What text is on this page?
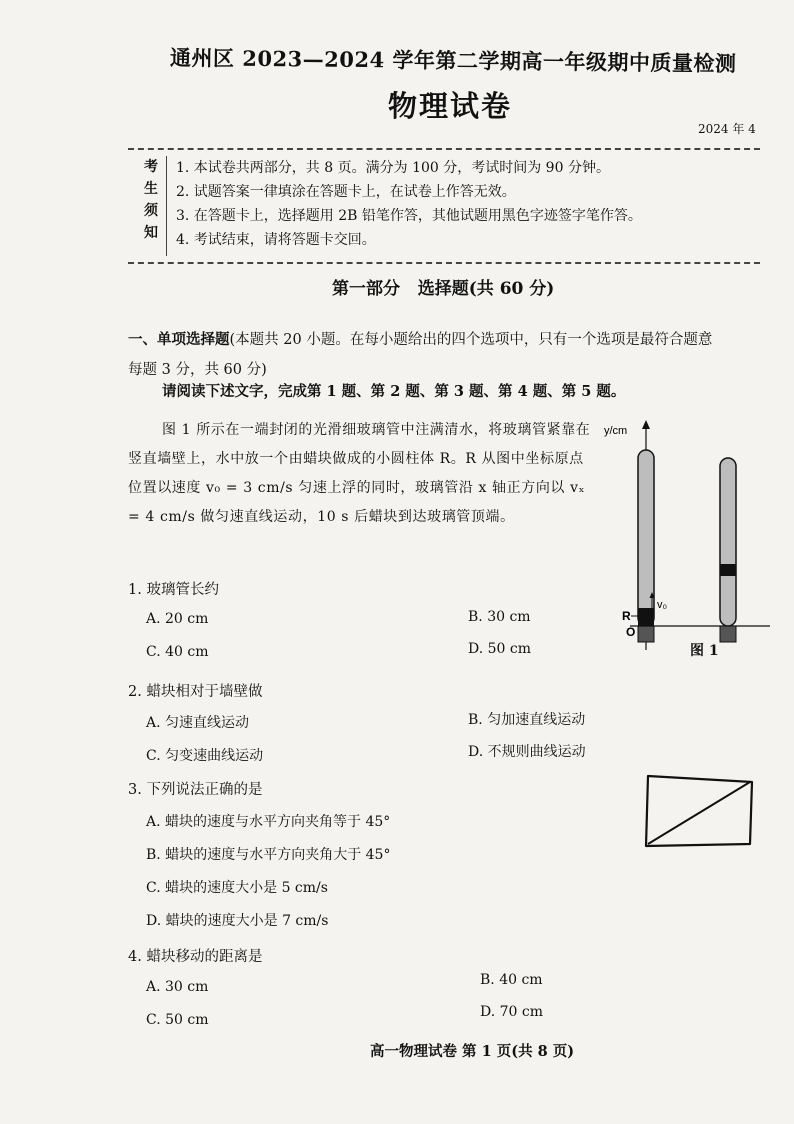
通州区 2023—2024 学年第二学期高一年级期中质量检测
物理试卷
2024 年 4
考
生
须
知
1. 本试卷共两部分，共 8 页。满分为 100 分，考试时间为 90 分钟。
2. 试题答案一律填涂在答题卡上，在试卷上作答无效。
3. 在答题卡上，选择题用 2B 铅笔作答，其他试题用黑色字迹签字笔作答。
4. 考试结束，请将答题卡交回。
第一部分   选择题(共 60 分)
一、单项选择题(本题共 20 小题。在每小题给出的四个选项中，只有一个选项是最符合题意
每题 3 分，共 60 分)
请阅读下述文字，完成第 1 题、第 2 题、第 3 题、第 4 题、第 5 题。
图 1 所示在一端封闭的光滑细玻璃管中注满清水，将玻璃管紧靠在竖直墙壁上，水中放一个由蜡块做成的小圆柱体 R。R 从图中坐标原点位置以速度 v₀ = 3 cm/s 匀速上浮的同时，玻璃管沿 x 轴正方向以 vₓ = 4 cm/s 做匀速直线运动，10 s 后蜡块到达玻璃管顶端。
y/cm
v₀
R
O
图 1
1. 玻璃管长约
A. 20 cm	B. 30 cm
C. 40 cm	D. 50 cm
2. 蜡块相对于墙壁做
A. 匀速直线运动	B. 匀加速直线运动
C. 匀变速曲线运动	D. 不规则曲线运动
3. 下列说法正确的是
A. 蜡块的速度与水平方向夹角等于 45°
B. 蜡块的速度与水平方向夹角大于 45°
C. 蜡块的速度大小是 5 cm/s
D. 蜡块的速度大小是 7 cm/s
4. 蜡块移动的距离是
A. 30 cm	B. 40 cm
C. 50 cm	D. 70 cm
高一物理试卷 第 1 页(共 8 页)
